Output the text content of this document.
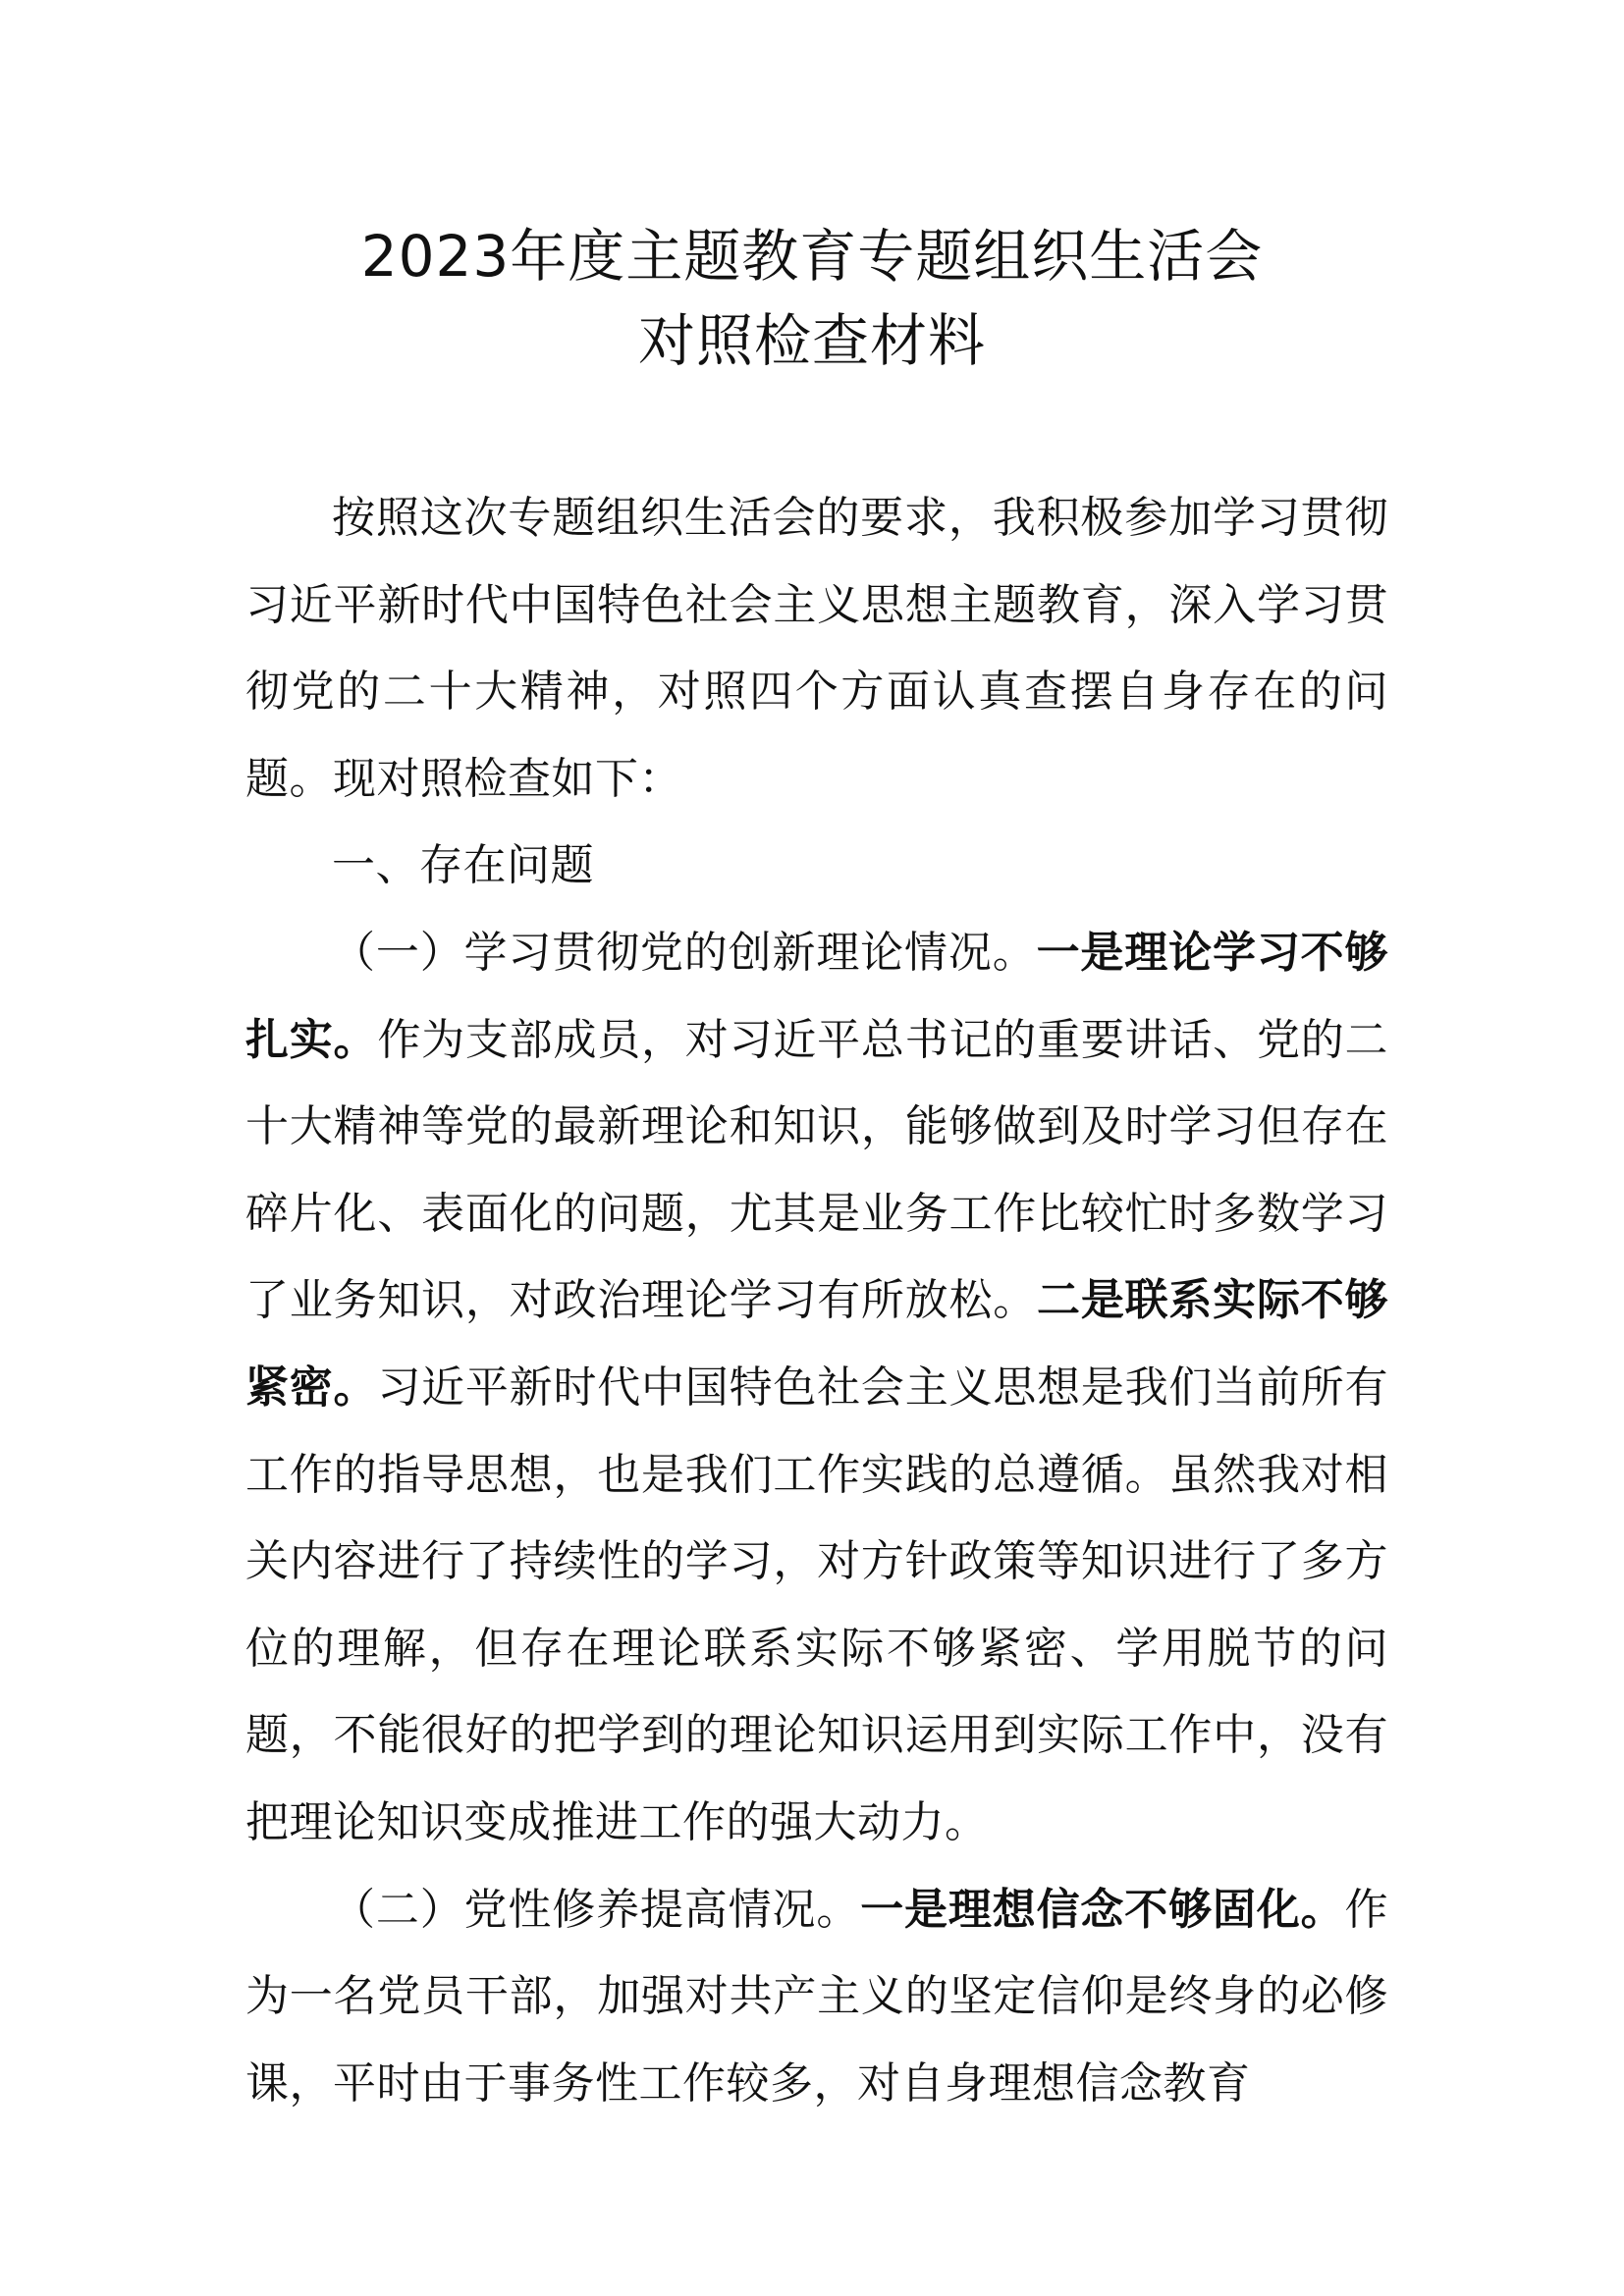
2023年度主题教育专题组织生活会
对照检查材料

按照这次专题组织生活会的要求，我积极参加学习贯彻习近平新时代中国特色社会主义思想主题教育，深入学习贯彻党的二十大精神，对照四个方面认真查摆自身存在的问题。现对照检查如下：

一、存在问题

（一）学习贯彻党的创新理论情况。一是理论学习不够扎实。作为支部成员，对习近平总书记的重要讲话、党的二十大精神等党的最新理论和知识，能够做到及时学习但存在碎片化、表面化的问题，尤其是业务工作比较忙时多数学习了业务知识，对政治理论学习有所放松。二是联系实际不够紧密。习近平新时代中国特色社会主义思想是我们当前所有工作的指导思想，也是我们工作实践的总遵循。虽然我对相关内容进行了持续性的学习，对方针政策等知识进行了多方位的理解，但存在理论联系实际不够紧密、学用脱节的问题，不能很好的把学到的理论知识运用到实际工作中，没有把理论知识变成推进工作的强大动力。

（二）党性修养提高情况。一是理想信念不够固化。作为一名党员干部，加强对共产主义的坚定信仰是终身的必修课，平时由于事务性工作较多，对自身理想信念教育
